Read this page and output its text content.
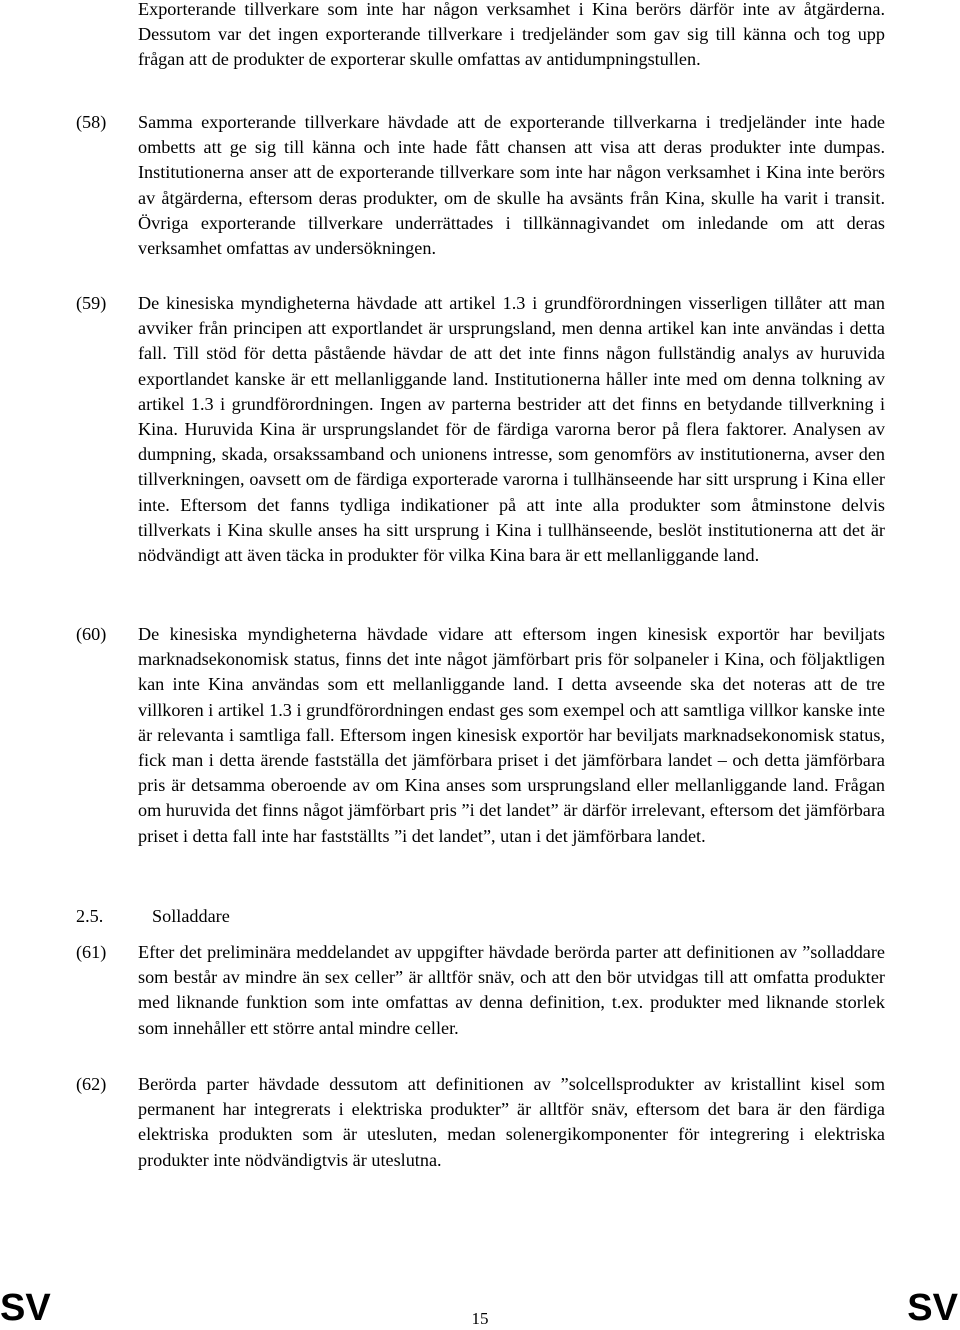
Exporterande tillverkare som inte har någon verksamhet i Kina berörs därför inte av åtgärderna. Dessutom var det ingen exporterande tillverkare i tredjeländer som gav sig till känna och tog upp frågan att de produkter de exporterar skulle omfattas av antidumpningstullen.

(58) Samma exporterande tillverkare hävdade att de exporterande tillverkarna i tredjeländer inte hade ombetts att ge sig till känna och inte hade fått chansen att visa att deras produkter inte dumpas. Institutionerna anser att de exporterande tillverkare som inte har någon verksamhet i Kina inte berörs av åtgärderna, eftersom deras produkter, om de skulle ha avsänts från Kina, skulle ha varit i transit. Övriga exporterande tillverkare underrättades i tillkännagivandet om inledande om att deras verksamhet omfattas av undersökningen.

(59) De kinesiska myndigheterna hävdade att artikel 1.3 i grundförordningen visserligen tillåter att man avviker från principen att exportlandet är ursprungsland, men denna artikel kan inte användas i detta fall. Till stöd för detta påstående hävdar de att det inte finns någon fullständig analys av huruvida exportlandet kanske är ett mellanliggande land. Institutionerna håller inte med om denna tolkning av artikel 1.3 i grundförordningen. Ingen av parterna bestrider att det finns en betydande tillverkning i Kina. Huruvida Kina är ursprungslandet för de färdiga varorna beror på flera faktorer. Analysen av dumpning, skada, orsakssamband och unionens intresse, som genomförs av institutionerna, avser den tillverkningen, oavsett om de färdiga exporterade varorna i tullhänseende har sitt ursprung i Kina eller inte. Eftersom det fanns tydliga indikationer på att inte alla produkter som åtminstone delvis tillverkats i Kina skulle anses ha sitt ursprung i Kina i tullhänseende, beslöt institutionerna att det är nödvändigt att även täcka in produkter för vilka Kina bara är ett mellanliggande land.

(60) De kinesiska myndigheterna hävdade vidare att eftersom ingen kinesisk exportör har beviljats marknadsekonomisk status, finns det inte något jämförbart pris för solpaneler i Kina, och följaktligen kan inte Kina användas som ett mellanliggande land. I detta avseende ska det noteras att de tre villkoren i artikel 1.3 i grundförordningen endast ges som exempel och att samtliga villkor kanske inte är relevanta i samtliga fall. Eftersom ingen kinesisk exportör har beviljats marknadsekonomisk status, fick man i detta ärende fastställa det jämförbara priset i det jämförbara landet – och detta jämförbara pris är detsamma oberoende av om Kina anses som ursprungsland eller mellanliggande land. Frågan om huruvida det finns något jämförbart pris ”i det landet” är därför irrelevant, eftersom det jämförbara priset i detta fall inte har fastställts ”i det landet”, utan i det jämförbara landet.

2.5.	Solladdare
(61) Efter det preliminära meddelandet av uppgifter hävdade berörda parter att definitionen av ”solladdare som består av mindre än sex celler” är alltför snäv, och att den bör utvidgas till att omfatta produkter med liknande funktion som inte omfattas av denna definition, t.ex. produkter med liknande storlek som innehåller ett större antal mindre celler.

(62) Berörda parter hävdade dessutom att definitionen av ”solcellsprodukter av kristallint kisel som permanent har integrerats i elektriska produkter” är alltför snäv, eftersom det bara är den färdiga elektriska produkten som är utesluten, medan solenergikomponenter för integrering i elektriska produkter inte nödvändigtvis är uteslutna.

SV	15	SV
